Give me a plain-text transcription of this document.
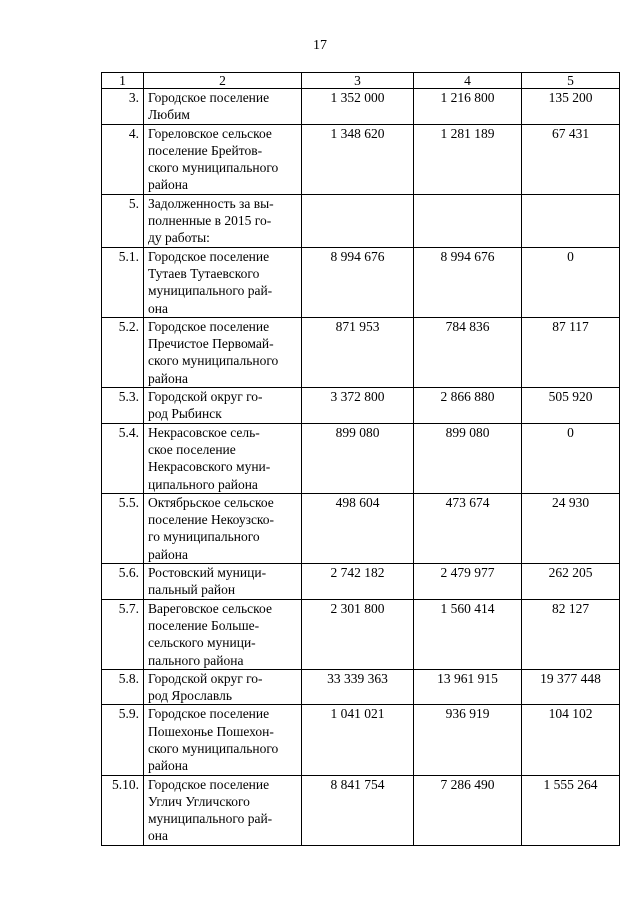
17
1	2	3	4	5
3.	Городское поселение
Любим	1 352 000	1 216 800	135 200
4.	Гореловское сельское
поселение Брейтов-
ского муниципального
района	1 348 620	1 281 189	67 431
5.	Задолженность за вы-
полненные в 2015 го-
ду работы:			

5.1.	Городское поселение
Тутаев Тутаевского
муниципального рай-
она	8 994 676	8 994 676	0
5.2.	Городское поселение
Пречистое Первомай-
ского муниципального
района	871 953	784 836	87 117
5.3.	Городской округ го-
род Рыбинск	3 372 800	2 866 880	505 920
5.4.	Некрасовское сель-
ское поселение
Некрасовского муни-
ципального района	899 080	899 080	0
5.5.	Октябрьское сельское
поселение Некоузско-
го муниципального
района	498 604	473 674	24 930
5.6.	Ростовский муници-
пальный район	2 742 182	2 479 977	262 205
5.7.	Вареговское сельское
поселение Больше-
сельского муници-
пального района	2 301 800	1 560 414	82 127
5.8.	Городской округ го-
род Ярославль	33 339 363	13 961 915	19 377 448
5.9.	Городское поселение
Пошехонье Пошехон-
ского муниципального
района	1 041 021	936 919	104 102
5.10.	Городское поселение
Углич Угличского
муниципального рай-
она	8 841 754	7 286 490	1 555 264
